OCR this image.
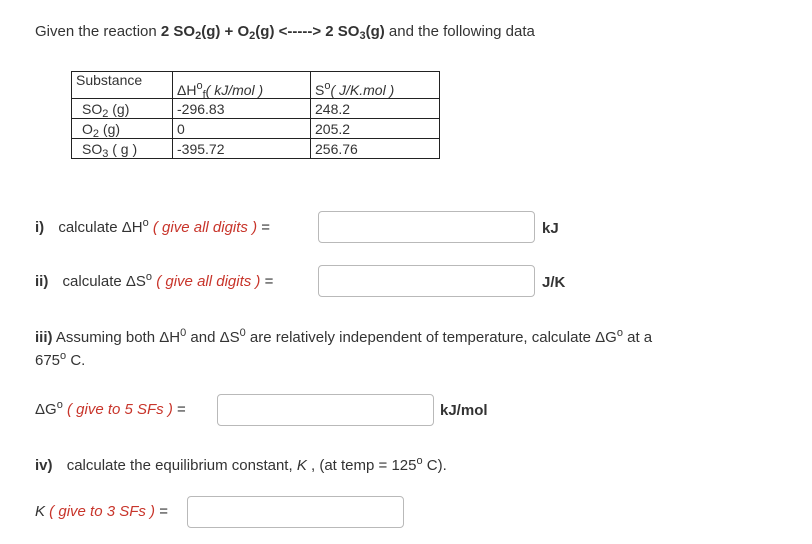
Given the reaction 2 $SO_2(g) + O_2(g)$ <-----> 2 $SO_3(g)$ and the following data
Substance	$\Delta H^o_f$( kJ/mol )	$S^o$( J/K.mol )
$SO_2$ (g)	-296.83	248.2
$O_2$ (g)	0	205.2
$SO_3$ ( g )	-395.72	256.76
i) calculate $\Delta H^o$ ( give all digits ) =	kJ
ii) calculate $\Delta S^o$ ( give all digits ) =	J/K
iii) Assuming both $\Delta H^0$ and $\Delta S^0$ are relatively independent of temperature, calculate $\Delta G^o$ at a
675$^o$ C.
$\Delta G^o$ ( give to 5 SFs ) =	kJ/mol
iv) calculate the equilibrium constant, K , (at temp = $125^o$ C).
K ( give to 3 SFs ) =
